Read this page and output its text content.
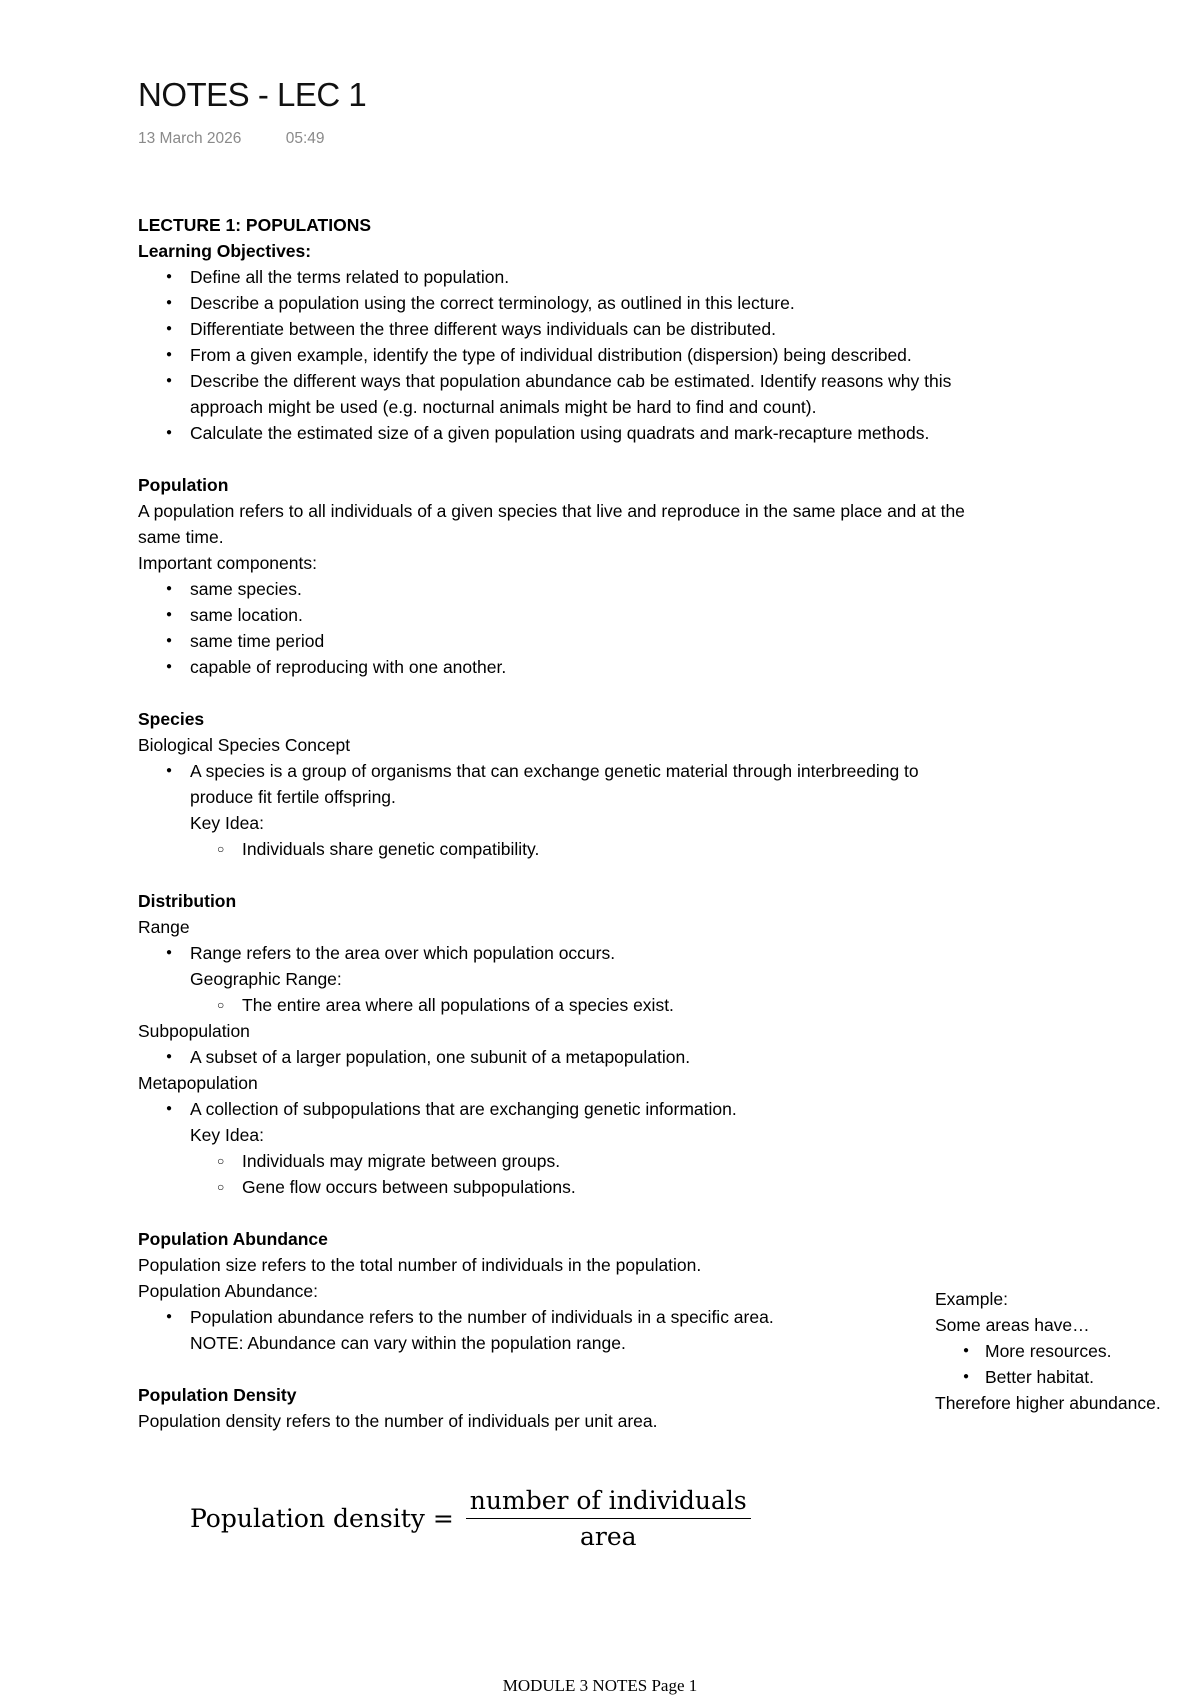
NOTES - LEC 1
13 March 2026	05:49
LECTURE 1: POPULATIONS
Learning Objectives:
● Define all the terms related to population.
● Describe a population using the correct terminology, as outlined in this lecture.
● Differentiate between the three different ways individuals can be distributed.
● From a given example, identify the type of individual distribution (dispersion) being described.
● Describe the different ways that population abundance cab be estimated. Identify reasons why this approach might be used (e.g. nocturnal animals might be hard to find and count).
● Calculate the estimated size of a given population using quadrats and mark-recapture methods.
Population
A population refers to all individuals of a given species that live and reproduce in the same place and at the same time.
Important components:
● same species.
● same location.
● same time period
● capable of reproducing with one another.
Species
Biological Species Concept
● A species is a group of organisms that can exchange genetic material through interbreeding to produce fit fertile offspring.
Key Idea:
○ Individuals share genetic compatibility.
Distribution
Range
● Range refers to the area over which population occurs.
Geographic Range:
○ The entire area where all populations of a species exist.
Subpopulation
● A subset of a larger population, one subunit of a metapopulation.
Metapopulation
● A collection of subpopulations that are exchanging genetic information.
Key Idea:
○ Individuals may migrate between groups.
○ Gene flow occurs between subpopulations.
Population Abundance
Population size refers to the total number of individuals in the population.
Population Abundance:
● Population abundance refers to the number of individuals in a specific area.
NOTE: Abundance can vary within the population range.
Population Density
Population density refers to the number of individuals per unit area.
Example:
Some areas have…
● More resources.
● Better habitat.
Therefore higher abundance.
Population density = $\frac{\text{number of individuals}}{\text{area}}$
MODULE 3 NOTES Page 1
